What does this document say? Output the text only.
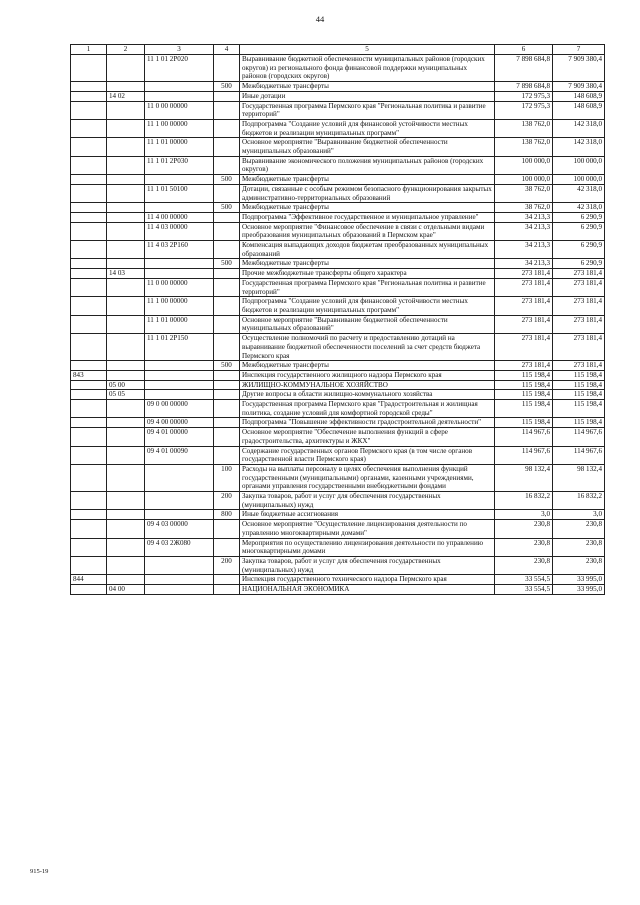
44
1	2	3	4	5	6	7
		11 1 01 2P020		Выравнивание бюджетной обеспеченности муниципальных районов (городских округов) из регионального фонда финансовой поддержки муниципальных районов (городских округов)	7 898 684,8	7 909 380,4
			500	Межбюджетные трансферты	7 898 684,8	7 909 380,4
	14 02			Иные дотации	172 975,3	148 608,9
		11 0 00 00000		Государственная программа Пермского края "Региональная политика и развитие территорий"	172 975,3	148 608,9
		11 1 00 00000		Подпрограмма "Создание условий для финансовой устойчивости местных бюджетов и реализации муниципальных программ"	138 762,0	142 318,0
		11 1 01 00000		Основное мероприятие "Выравнивание бюджетной обеспеченности муниципальных образований"	138 762,0	142 318,0
		11 1 01 2P030		Выравнивание экономического положения муниципальных районов (городских округов)	100 000,0	100 000,0
			500	Межбюджетные трансферты	100 000,0	100 000,0
		11 1 01 50100		Дотации, связанные с особым режимом безопасного функционирования закрытых административно-территориальных образований	38 762,0	42 318,0
			500	Межбюджетные трансферты	38 762,0	42 318,0
		11 4 00 00000		Подпрограмма "Эффективное государственное и муниципальное управление"	34 213,3	6 290,9
		11 4 03 00000		Основное мероприятие "Финансовое обеспечение в связи с отдельными видами преобразования муниципальных образований в Пермском крае"	34 213,3	6 290,9
		11 4 03 2P160		Компенсация выпадающих доходов бюджетам преобразованных муниципальных образований	34 213,3	6 290,9
			500	Межбюджетные трансферты	34 213,3	6 290,9
	14 03			Прочие межбюджетные трансферты общего характера	273 181,4	273 181,4
		11 0 00 00000		Государственная программа Пермского края "Региональная политика и развитие территорий"	273 181,4	273 181,4
		11 1 00 00000		Подпрограмма "Создание условий для финансовой устойчивости местных бюджетов и реализации муниципальных программ"	273 181,4	273 181,4
		11 1 01 00000		Основное мероприятие "Выравнивание бюджетной обеспеченности муниципальных образований"	273 181,4	273 181,4
		11 1 01 2P150		Осуществление полномочий по расчету и предоставлению дотаций на выравнивание бюджетной обеспеченности поселений за счет средств бюджета Пермского края	273 181,4	273 181,4
			500	Межбюджетные трансферты	273 181,4	273 181,4
843				Инспекция государственного жилищного надзора Пермского края	115 198,4	115 198,4
	05 00			ЖИЛИЩНО-КОММУНАЛЬНОЕ ХОЗЯЙСТВО	115 198,4	115 198,4
	05 05			Другие вопросы в области жилищно-коммунального хозяйства	115 198,4	115 198,4
		09 0 00 00000		Государственная программа Пермского края "Градостроительная и жилищная политика, создание условий для комфортной городской среды"	115 198,4	115 198,4
		09 4 00 00000		Подпрограмма "Повышение эффективности градостроительной деятельности"	115 198,4	115 198,4
		09 4 01 00000		Основное мероприятие "Обеспечение выполнения функций в сфере градостроительства, архитектуры и ЖКХ"	114 967,6	114 967,6
		09 4 01 00090		Содержание государственных органов Пермского края (в том числе органов государственной власти Пермского края)	114 967,6	114 967,6
			100	Расходы на выплаты персоналу в целях обеспечения выполнения функций государственными (муниципальными) органами, казенными учреждениями, органами управления государственными внебюджетными фондами	98 132,4	98 132,4
			200	Закупка товаров, работ и услуг для обеспечения государственных (муниципальных) нужд	16 832,2	16 832,2
			800	Иные бюджетные ассигнования	3,0	3,0
		09 4 03 00000		Основное мероприятие "Осуществление лицензирования деятельности по управлению многоквартирными домами"	230,8	230,8
		09 4 03 2Ж080		Мероприятия по осуществлению лицензирования деятельности по управлению многоквартирными домами	230,8	230,8
			200	Закупка товаров, работ и услуг для обеспечения государственных (муниципальных) нужд	230,8	230,8
844				Инспекция государственного технического надзора Пермского края	33 554,5	33 995,0
	04 00			НАЦИОНАЛЬНАЯ ЭКОНОМИКА	33 554,5	33 995,0
915-19
